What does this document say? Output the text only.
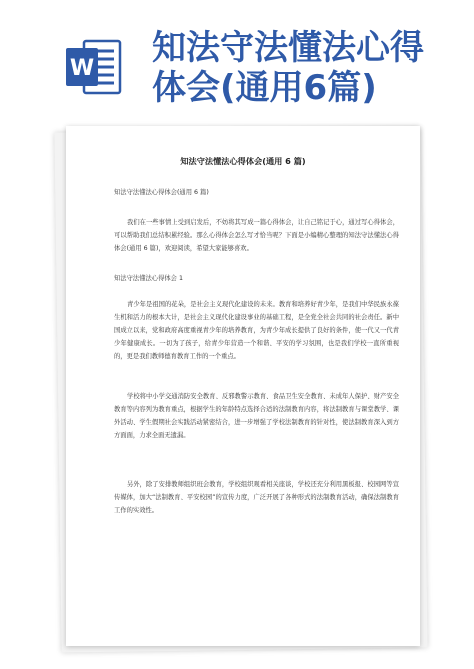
W
知法守法懂法心得
体会(通用6篇)
知法守法懂法心得体会(通用 6 篇)
知法守法懂法心得体会(通用 6 篇)
我们在一些事情上受到启发后，不妨将其写成一篇心得体会，让自己铭记于心，通过写心得体会，可以帮助我们总结积累经验。那么心得体会怎么写才恰当呢？下面是小编精心整理的知法守法懂法心得体会(通用 6 篇)，欢迎阅读，希望大家能够喜欢。
知法守法懂法心得体会 1
青少年是祖国的花朵，是社会主义现代化建设的未来。教育和培养好青少年，是我们中华民族永葆生机和活力的根本大计，是社会主义现代化建设事业的基础工程，是全党全社会共同的社会责任。新中国成立以来，党和政府高度重视青少年的培养教育，为青少年成长提供了良好的条件，使一代又一代青少年健康成长。一切为了孩子，给青少年营造一个和谐、平安的学习氛围，也是我们学校一直所重视的，更是我们教师德育教育工作的一个重点。
学校将中小学交通消防安全教育、反邪教警示教育、食品卫生安全教育、未成年人保护、财产安全教育等内容列为教育重点，根据学生的年龄特点选择合适的法制教育内容，将法制教育与课堂教学、课外活动、学生假期社会实践活动紧密结合，进一步增强了学校法制教育的针对性，使法制教育深入到方方面面，力求全面无遗漏。
另外，除了安排教师组织班会教育，学校组织观看相关座谈，学校还充分利用黑板报、校园网等宣传媒体，加大“法制教育、平安校园”的宣传力度，广泛开展了各种形式的法制教育活动，确保法制教育工作的实效性。
